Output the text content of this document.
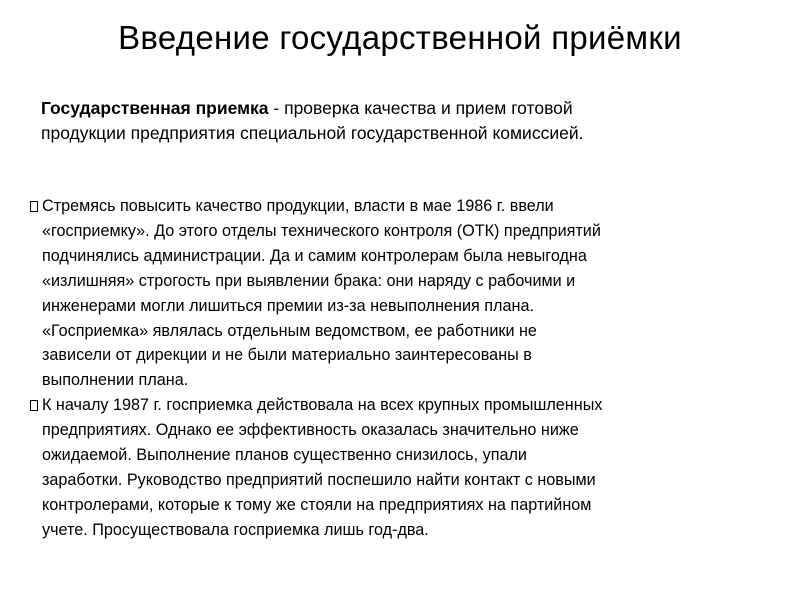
Введение государственной приёмки
Государственная приемка - проверка качества и прием готовой
продукции предприятия специальной государственной комиссией.
Стремясь повысить качество продукции, власти в мае 1986 г. ввели
«госприемку». До этого отделы технического контроля (ОТК) предприятий
подчинялись администрации. Да и самим контролерам была невыгодна
«излишняя» строгость при выявлении брака: они наряду с рабочими и
инженерами могли лишиться премии из-за невыполнения плана.
«Госприемка» являлась отдельным ведомством, ее работники не
зависели от дирекции и не были материально заинтересованы в
выполнении плана.
К началу 1987 г. госприемка действовала на всех крупных промышленных
предприятиях. Однако ее эффективность оказалась значительно ниже
ожидаемой. Выполнение планов существенно снизилось, упали
заработки. Руководство предприятий поспешило найти контакт с новыми
контролерами, которые к тому же стояли на предприятиях на партийном
учете. Просуществовала госприемка лишь год-два.
